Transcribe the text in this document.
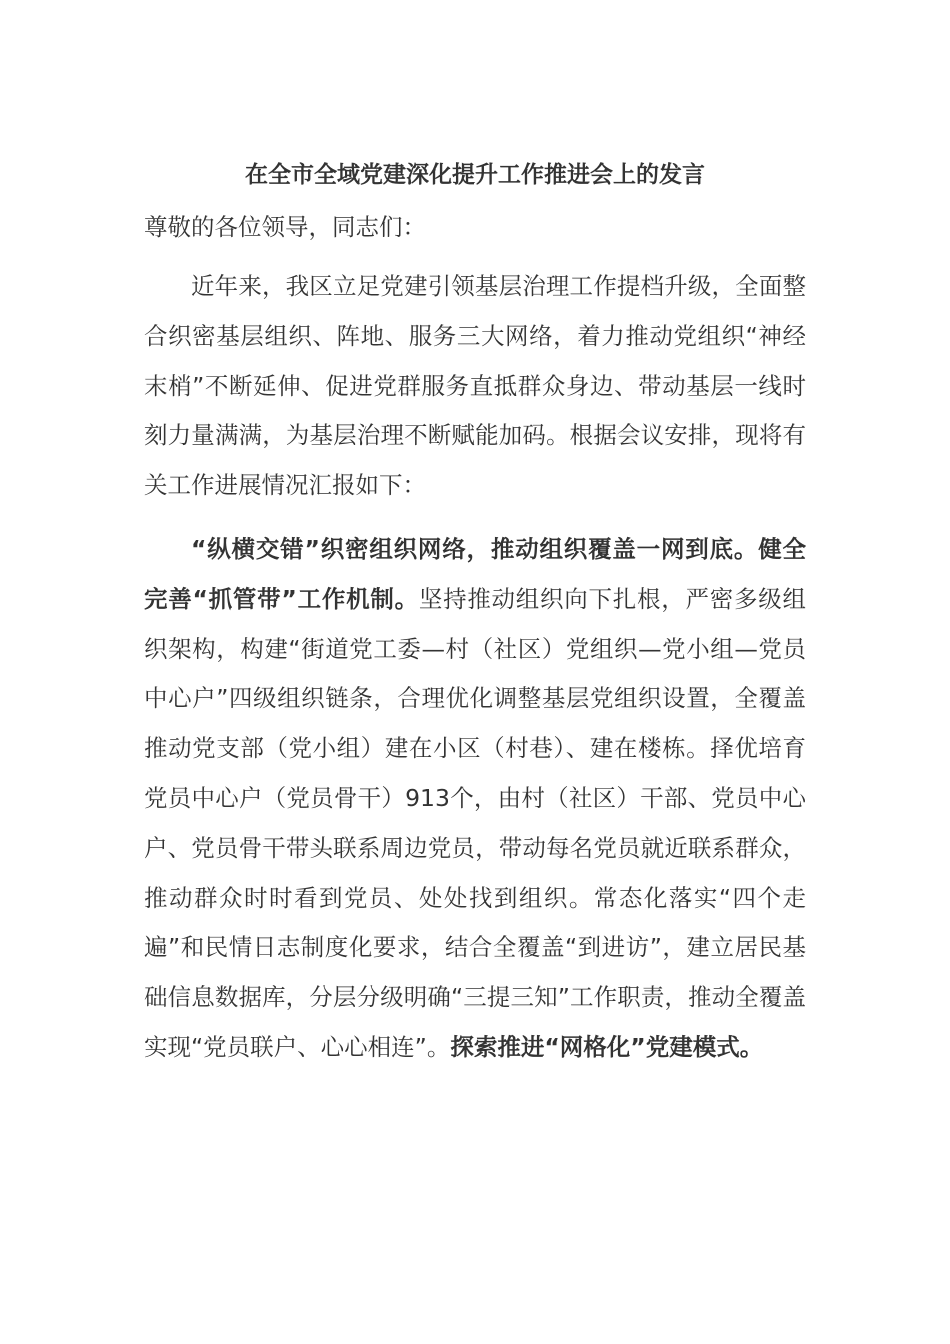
在全市全域党建深化提升工作推进会上的发言

尊敬的各位领导，同志们：

近年来，我区立足党建引领基层治理工作提档升级，全面整合织密基层组织、阵地、服务三大网络，着力推动党组织“神经末梢”不断延伸、促进党群服务直抵群众身边、带动基层一线时刻力量满满，为基层治理不断赋能加码。根据会议安排，现将有关工作进展情况汇报如下：

“纵横交错”织密组织网络，推动组织覆盖一网到底。健全完善“抓管带”工作机制。坚持推动组织向下扎根，严密多级组织架构，构建“街道党工委—村（社区）党组织—党小组—党员中心户”四级组织链条，合理优化调整基层党组织设置，全覆盖推动党支部（党小组）建在小区（村巷）、建在楼栋。择优培育党员中心户（党员骨干）913个，由村（社区）干部、党员中心户、党员骨干带头联系周边党员，带动每名党员就近联系群众，推动群众时时看到党员、处处找到组织。常态化落实“四个走遍”和民情日志制度化要求，结合全覆盖“到进访”，建立居民基础信息数据库，分层分级明确“三提三知”工作职责，推动全覆盖实现“党员联户、心心相连”。探索推进“网格化”党建模式。
